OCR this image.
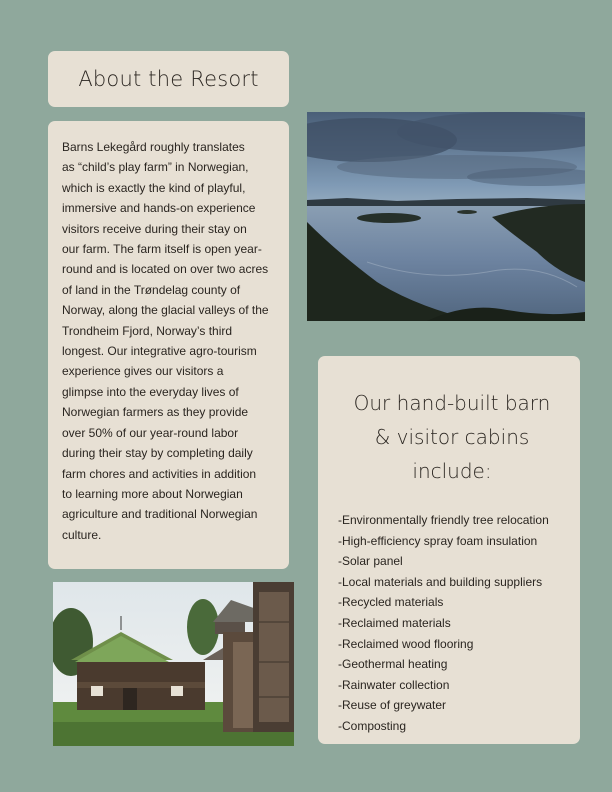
About the Resort

Barns Lekegård roughly translates
as “child’s play farm” in Norwegian,
which is exactly the kind of playful,
immersive and hands-on experience
visitors receive during their stay on
our farm. The farm itself is open year-
round and is located on over two acres
of land in the Trøndelag county of
Norway, along the glacial valleys of the
Trondheim Fjord, Norway’s third
longest. Our integrative agro-tourism
experience gives our visitors a
glimpse into the everyday lives of
Norwegian farmers as they provide
over 50% of our year-round labor
during their stay by completing daily
farm chores and activities in addition
to learning more about Norwegian
agriculture and traditional Norwegian
culture.

Our hand-built barn
& visitor cabins include:
-Environmentally friendly tree relocation
-High-efficiency spray foam insulation
-Solar panel
-Local materials and building suppliers
-Recycled materials
-Reclaimed materials
-Reclaimed wood flooring
-Geothermal heating
-Rainwater collection
-Reuse of greywater
-Composting
